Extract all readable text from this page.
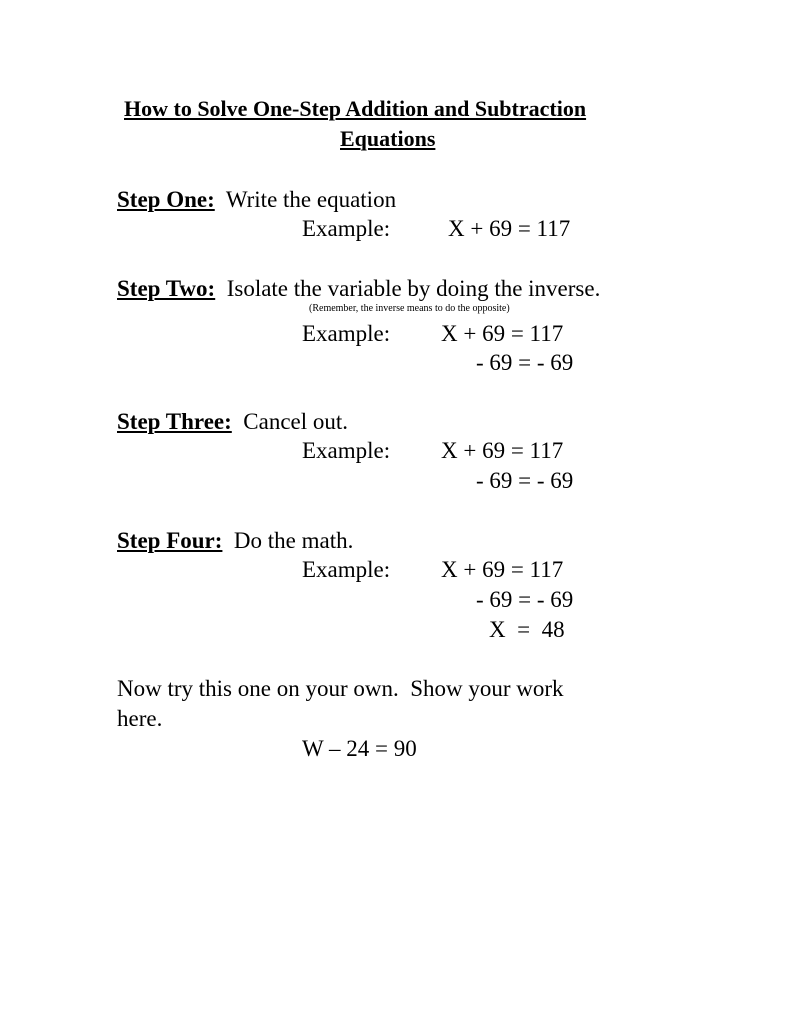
How to Solve One-Step Addition and Subtraction
Equations
Step One: Write the equation
Example:	X + 69 = 117
Step Two: Isolate the variable by doing the inverse.
(Remember, the inverse means to do the opposite)
Example: X + 69 = 117
- 69 = - 69
Step Three: Cancel out.
Example: X + 69 = 117
- 69 = - 69
Step Four: Do the math.
Example: X + 69 = 117
- 69 = - 69
X  =  48
Now try this one on your own.  Show your work
here.
W – 24 = 90
